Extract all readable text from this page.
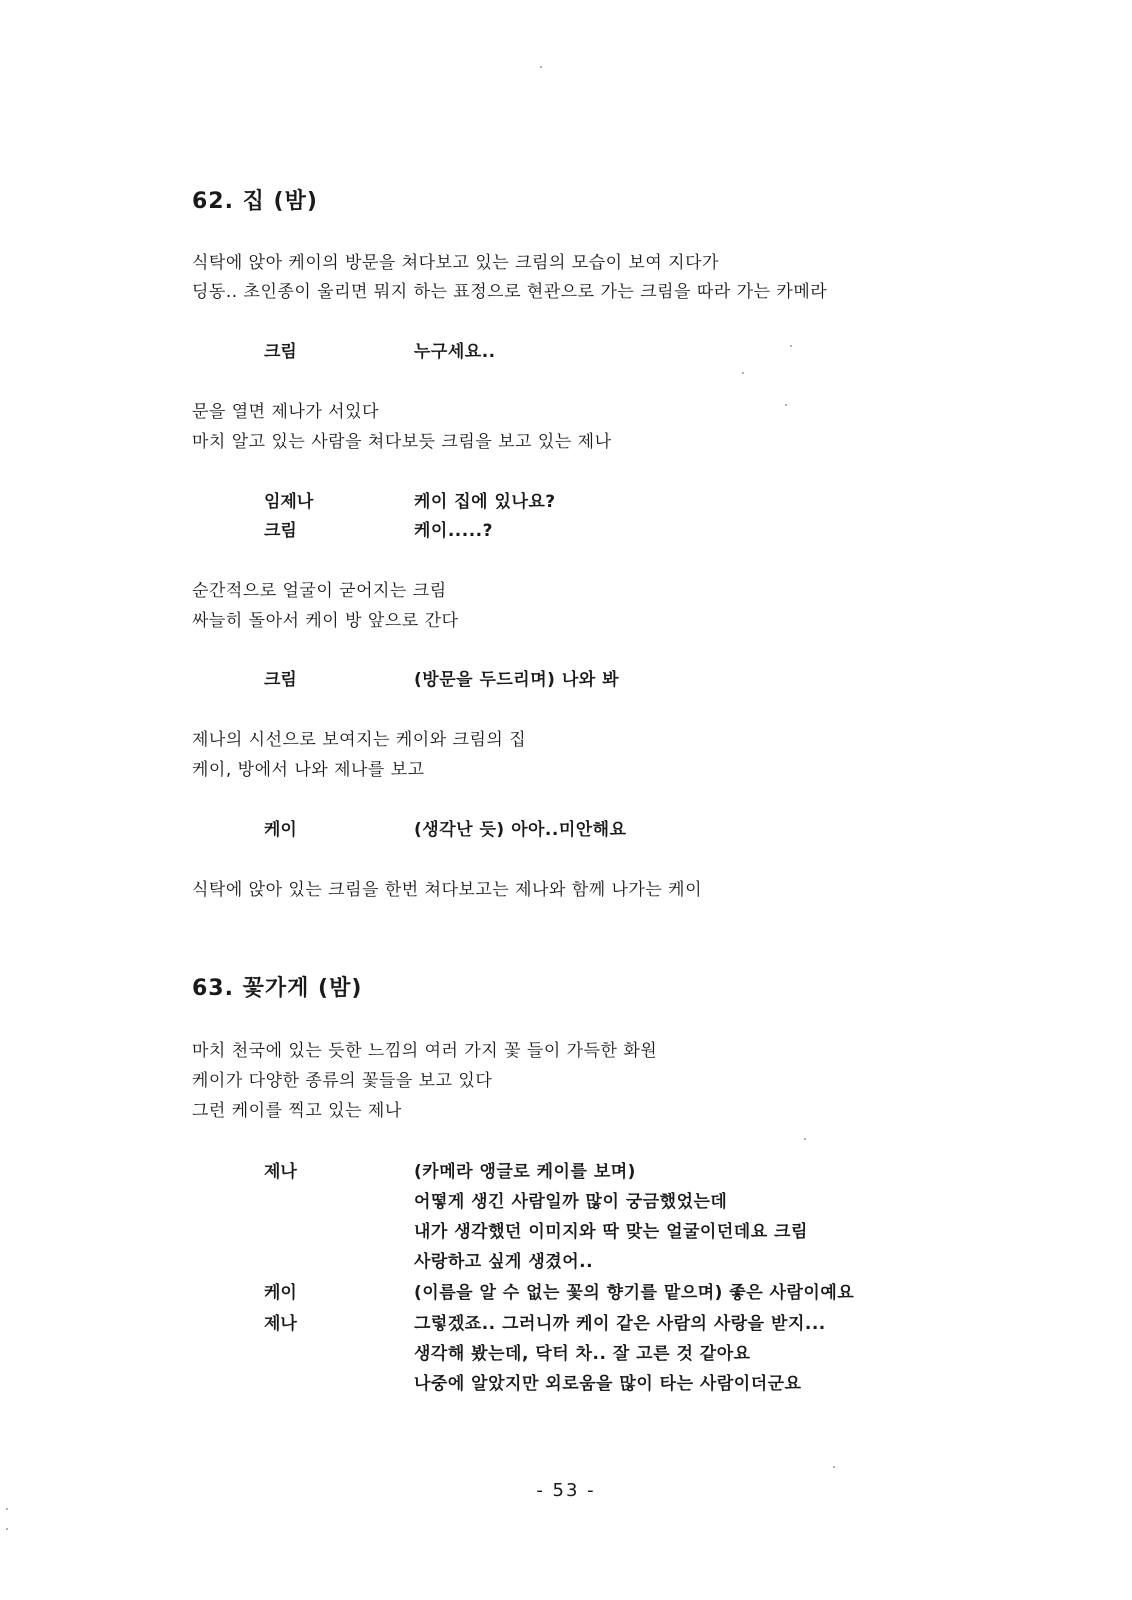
62. 집 (밤)
식탁에 앉아 케이의 방문을 쳐다보고 있는 크림의 모습이 보여 지다가
딩동.. 초인종이 울리면 뭐지 하는 표정으로 현관으로 가는 크림을 따라 가는 카메라
크림	누구세요..
문을 열면 제나가 서있다
마치 알고 있는 사람을 쳐다보듯 크림을 보고 있는 제나
임제나	케이 집에 있나요?
크림	케이.....?
순간적으로 얼굴이 굳어지는 크림
싸늘히 돌아서 케이 방 앞으로 간다
크림	(방문을 두드리며) 나와 봐
제나의 시선으로 보여지는 케이와 크림의 집
케이, 방에서 나와 제나를 보고
케이	(생각난 듯) 아아..미안해요
식탁에 앉아 있는 크림을 한번 쳐다보고는 제나와 함께 나가는 케이
63. 꽃가게 (밤)
마치 천국에 있는 듯한 느낌의 여러 가지 꽃 들이 가득한 화원
케이가 다양한 종류의 꽃들을 보고 있다
그런 케이를 찍고 있는 제나
제나	(카메라 앵글로 케이를 보며)
어떻게 생긴 사람일까 많이 궁금했었는데
내가 생각했던 이미지와 딱 맞는 얼굴이던데요 크림
사랑하고 싶게 생겼어..
케이	(이름을 알 수 없는 꽃의 향기를 맡으며) 좋은 사람이예요
제나	그렇겠죠.. 그러니까 케이 같은 사람의 사랑을 받지...
생각해 봤는데, 닥터 차.. 잘 고른 것 같아요
나중에 알았지만 외로움을 많이 타는 사람이더군요
- 53 -
